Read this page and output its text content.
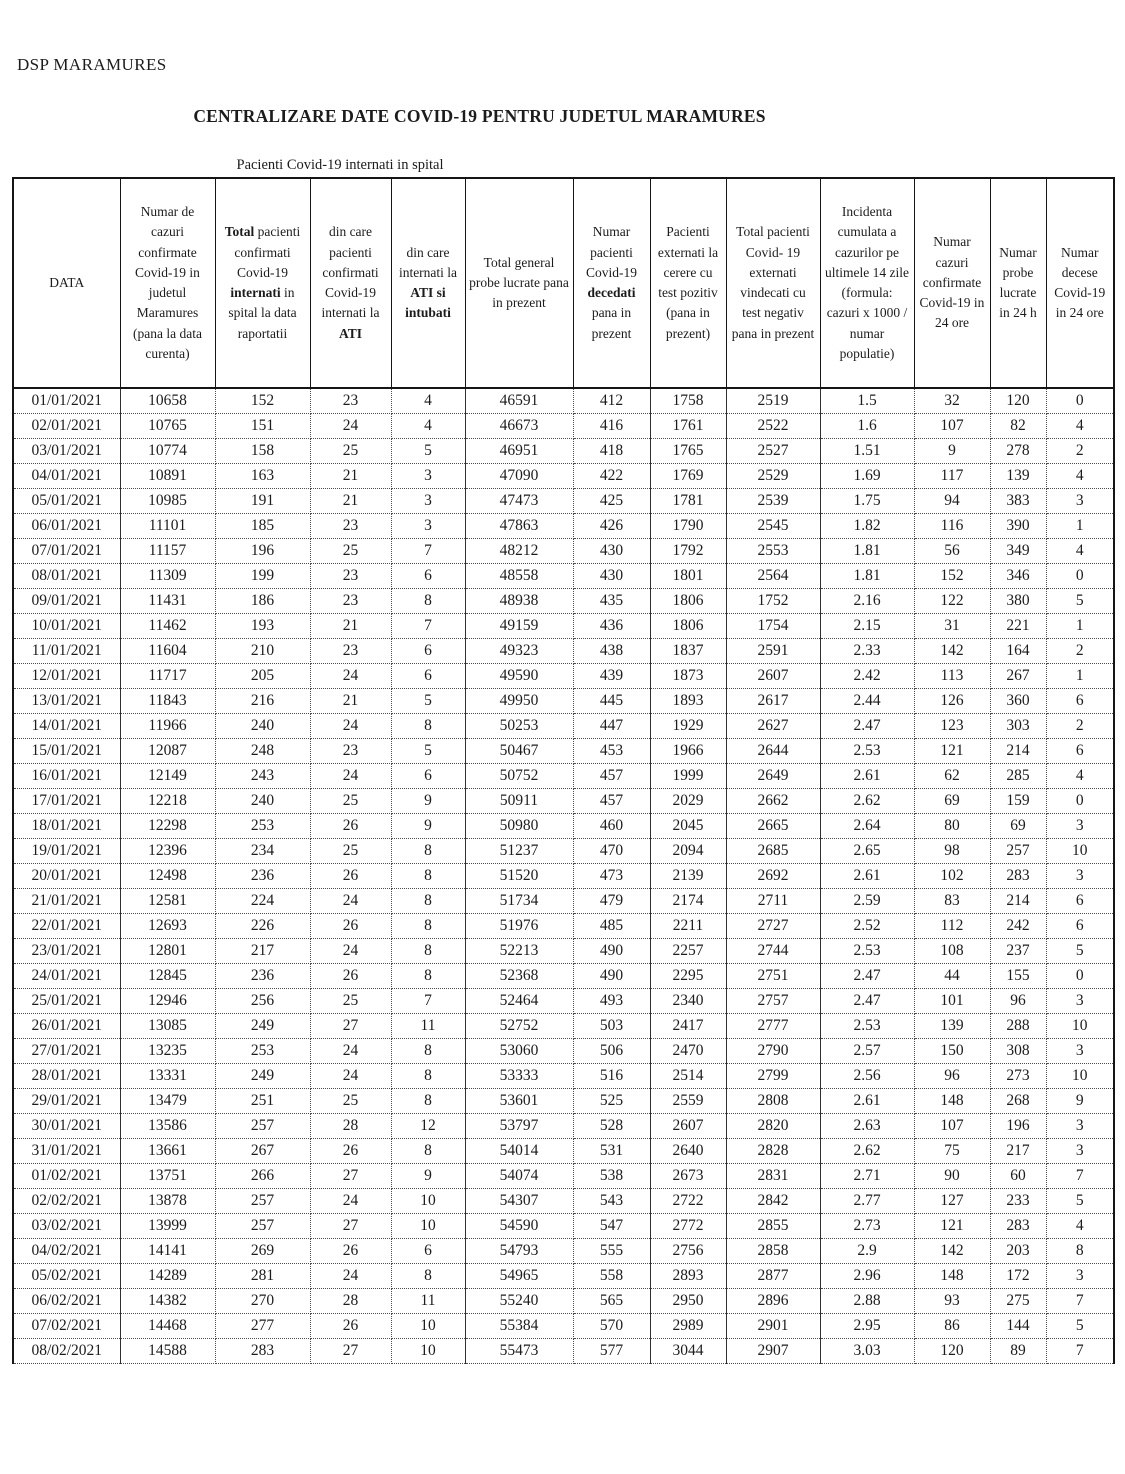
DSP MARAMURES
CENTRALIZARE DATE COVID-19 PENTRU JUDETUL MARAMURES
		Pacienti Covid-19 internati in spital										
DATA	Numar de cazuri confirmate Covid-19 in judetul Maramures (pana la data curenta)	Total pacienti confirmati Covid-19 internati in spital la data raportatii	din care pacienti confirmati Covid-19 internati la ATI	din care internati la ATI si intubati	Total general probe lucrate pana in prezent	Numar pacienti Covid-19 decedati pana in prezent	Pacienti externati la cerere cu test pozitiv (pana in prezent)	Total pacienti Covid- 19 externati vindecati cu test negativ pana in prezent	Incidenta cumulata a cazurilor pe ultimele 14 zile (formula: cazuri x 1000 / numar populatie)	Numar cazuri confirmate Covid-19 in 24 ore	Numar probe lucrate in 24 h	Numar decese Covid-19 in 24 ore
01/01/2021	10658	152	23	4	46591	412	1758	2519	1.5	32	120	0
02/01/2021	10765	151	24	4	46673	416	1761	2522	1.6	107	82	4
03/01/2021	10774	158	25	5	46951	418	1765	2527	1.51	9	278	2
04/01/2021	10891	163	21	3	47090	422	1769	2529	1.69	117	139	4
05/01/2021	10985	191	21	3	47473	425	1781	2539	1.75	94	383	3
06/01/2021	11101	185	23	3	47863	426	1790	2545	1.82	116	390	1
07/01/2021	11157	196	25	7	48212	430	1792	2553	1.81	56	349	4
08/01/2021	11309	199	23	6	48558	430	1801	2564	1.81	152	346	0
09/01/2021	11431	186	23	8	48938	435	1806	1752	2.16	122	380	5
10/01/2021	11462	193	21	7	49159	436	1806	1754	2.15	31	221	1
11/01/2021	11604	210	23	6	49323	438	1837	2591	2.33	142	164	2
12/01/2021	11717	205	24	6	49590	439	1873	2607	2.42	113	267	1
13/01/2021	11843	216	21	5	49950	445	1893	2617	2.44	126	360	6
14/01/2021	11966	240	24	8	50253	447	1929	2627	2.47	123	303	2
15/01/2021	12087	248	23	5	50467	453	1966	2644	2.53	121	214	6
16/01/2021	12149	243	24	6	50752	457	1999	2649	2.61	62	285	4
17/01/2021	12218	240	25	9	50911	457	2029	2662	2.62	69	159	0
18/01/2021	12298	253	26	9	50980	460	2045	2665	2.64	80	69	3
19/01/2021	12396	234	25	8	51237	470	2094	2685	2.65	98	257	10
20/01/2021	12498	236	26	8	51520	473	2139	2692	2.61	102	283	3
21/01/2021	12581	224	24	8	51734	479	2174	2711	2.59	83	214	6
22/01/2021	12693	226	26	8	51976	485	2211	2727	2.52	112	242	6
23/01/2021	12801	217	24	8	52213	490	2257	2744	2.53	108	237	5
24/01/2021	12845	236	26	8	52368	490	2295	2751	2.47	44	155	0
25/01/2021	12946	256	25	7	52464	493	2340	2757	2.47	101	96	3
26/01/2021	13085	249	27	11	52752	503	2417	2777	2.53	139	288	10
27/01/2021	13235	253	24	8	53060	506	2470	2790	2.57	150	308	3
28/01/2021	13331	249	24	8	53333	516	2514	2799	2.56	96	273	10
29/01/2021	13479	251	25	8	53601	525	2559	2808	2.61	148	268	9
30/01/2021	13586	257	28	12	53797	528	2607	2820	2.63	107	196	3
31/01/2021	13661	267	26	8	54014	531	2640	2828	2.62	75	217	3
01/02/2021	13751	266	27	9	54074	538	2673	2831	2.71	90	60	7
02/02/2021	13878	257	24	10	54307	543	2722	2842	2.77	127	233	5
03/02/2021	13999	257	27	10	54590	547	2772	2855	2.73	121	283	4
04/02/2021	14141	269	26	6	54793	555	2756	2858	2.9	142	203	8
05/02/2021	14289	281	24	8	54965	558	2893	2877	2.96	148	172	3
06/02/2021	14382	270	28	11	55240	565	2950	2896	2.88	93	275	7
07/02/2021	14468	277	26	10	55384	570	2989	2901	2.95	86	144	5
08/02/2021	14588	283	27	10	55473	577	3044	2907	3.03	120	89	7
